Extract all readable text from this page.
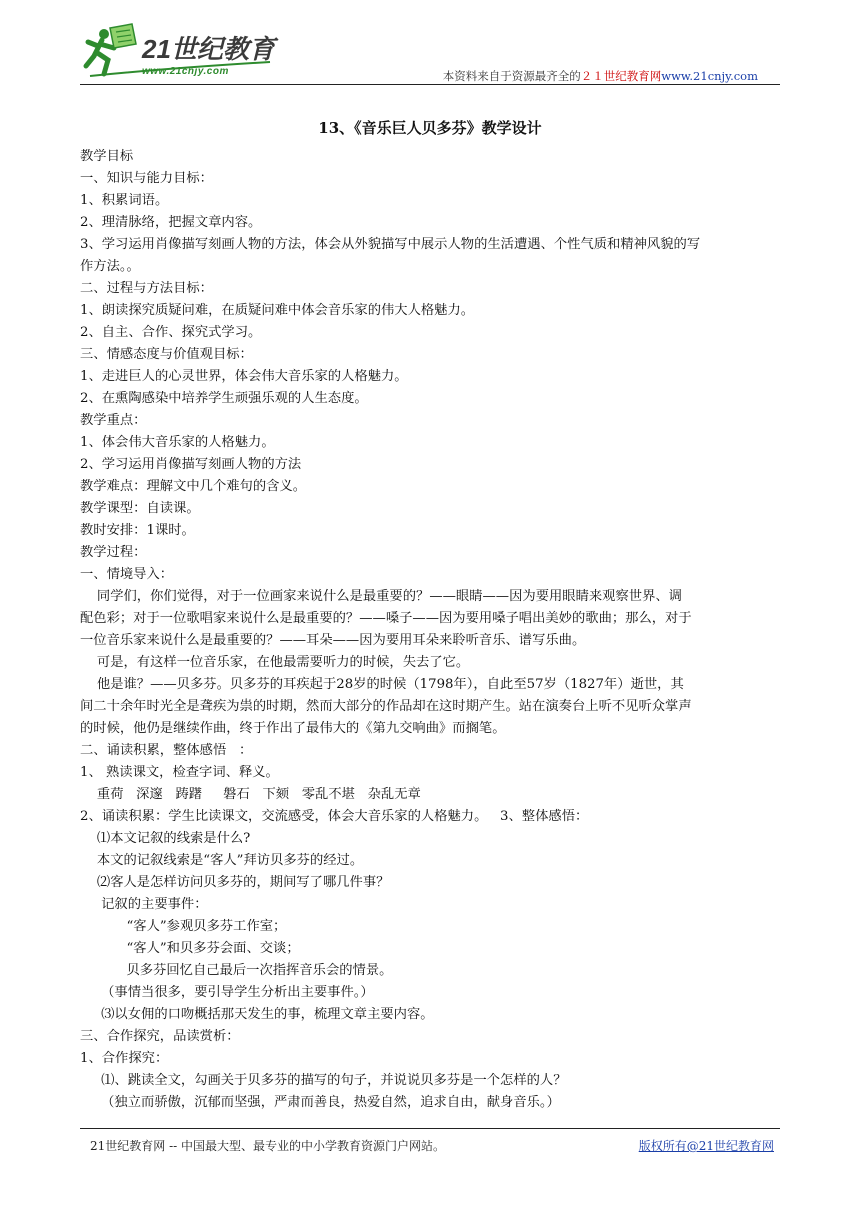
21世纪教育
www.21cnjy.com	本资料来自于资源最齐全的２１世纪教育网www.21cnjy.com
13、《音乐巨人贝多芬》教学设计
教学目标
一、知识与能力目标：
1、积累词语。
2、理清脉络，把握文章内容。
3、学习运用肖像描写刻画人物的方法，体会从外貌描写中展示人物的生活遭遇、个性气质和精神风貌的写
作方法。。
二、过程与方法目标：
1、朗读探究质疑问难，在质疑问难中体会音乐家的伟大人格魅力。
2、自主、合作、探究式学习。
三、情感态度与价值观目标：
1、走进巨人的心灵世界，体会伟大音乐家的人格魅力。
2、在熏陶感染中培养学生顽强乐观的人生态度。
教学重点：
1、体会伟大音乐家的人格魅力。
2、学习运用肖像描写刻画人物的方法
教学难点：理解文中几个难句的含义。
教学课型：自读课。
教时安排：1课时。
教学过程：
一、情境导入：
同学们，你们觉得，对于一位画家来说什么是最重要的？——眼睛——因为要用眼睛来观察世界、调
配色彩；对于一位歌唱家来说什么是最重要的？——嗓子——因为要用嗓子唱出美妙的歌曲；那么，对于
一位音乐家来说什么是最重要的？——耳朵——因为要用耳朵来聆听音乐、谱写乐曲。
可是，有这样一位音乐家，在他最需要听力的时候，失去了它。
他是谁？——贝多芬。贝多芬的耳疾起于28岁的时候（1798年），自此至57岁（1827年）逝世，其
间二十余年时光全是聋疾为祟的时期，然而大部分的作品却在这时期产生。站在演奏台上听不见听众掌声
的时候，他仍是继续作曲，终于作出了最伟大的《第九交响曲》而搁笔。
二、诵读积累，整体感悟   ：
1、 熟读课文，检查字词、释义。
重荷   深邃   踌躇     磐石   下颏   零乱不堪   杂乱无章
2、诵读积累：学生比读课文，交流感受，体会大音乐家的人格魅力。   3、整体感悟：
⑴本文记叙的线索是什么?
本文的记叙线索是“客人”拜访贝多芬的经过。
⑵客人是怎样访问贝多芬的，期间写了哪几件事？
记叙的主要事件：
“客人”参观贝多芬工作室；
“客人”和贝多芬会面、交谈；
贝多芬回忆自己最后一次指挥音乐会的情景。
（事情当很多，要引导学生分析出主要事件。）
⑶以女佣的口吻概括那天发生的事，梳理文章主要内容。
三、合作探究，品读赏析：
1、合作探究：
⑴、跳读全文，勾画关于贝多芬的描写的句子，并说说贝多芬是一个怎样的人？
（独立而骄傲，沉郁而坚强，严肃而善良，热爱自然，追求自由，献身音乐。）
21世纪教育网 -- 中国最大型、最专业的中小学教育资源门户网站。	版权所有@21世纪教育网
